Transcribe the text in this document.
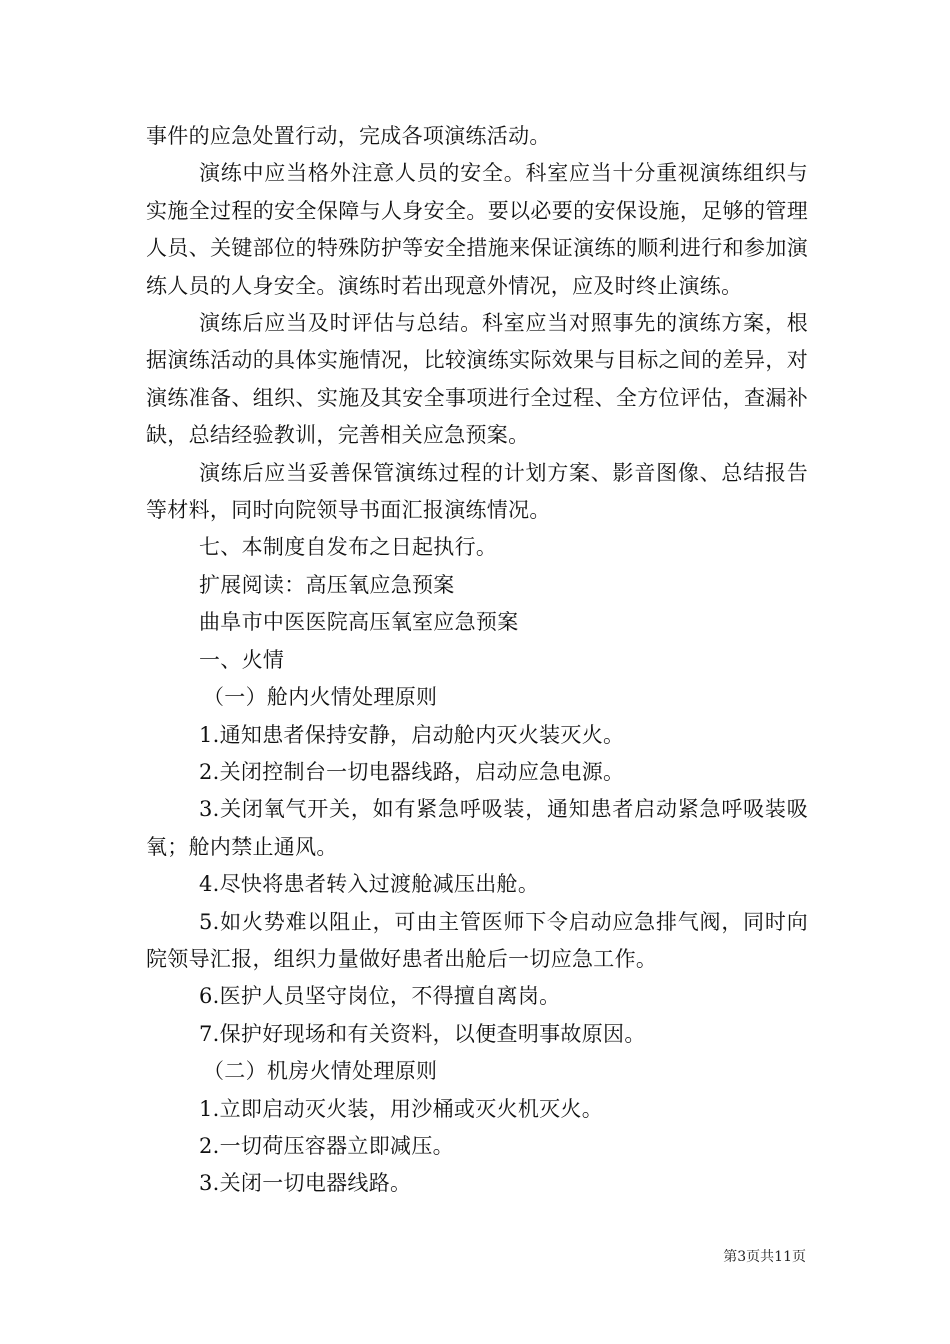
事件的应急处置行动，完成各项演练活动。

演练中应当格外注意人员的安全。科室应当十分重视演练组织与实施全过程的安全保障与人身安全。要以必要的安保设施，足够的管理人员、关键部位的特殊防护等安全措施来保证演练的顺利进行和参加演练人员的人身安全。演练时若出现意外情况，应及时终止演练。

演练后应当及时评估与总结。科室应当对照事先的演练方案，根据演练活动的具体实施情况，比较演练实际效果与目标之间的差异，对演练准备、组织、实施及其安全事项进行全过程、全方位评估，查漏补缺，总结经验教训，完善相关应急预案。

演练后应当妥善保管演练过程的计划方案、影音图像、总结报告等材料，同时向院领导书面汇报演练情况。

七、本制度自发布之日起执行。

扩展阅读：高压氧应急预案

曲阜市中医医院高压氧室应急预案

一、火情

（一）舱内火情处理原则

1.通知患者保持安静，启动舱内灭火装灭火。

2.关闭控制台一切电器线路，启动应急电源。

3.关闭氧气开关，如有紧急呼吸装，通知患者启动紧急呼吸装吸氧；舱内禁止通风。

4.尽快将患者转入过渡舱减压出舱。

5.如火势难以阻止，可由主管医师下令启动应急排气阀，同时向院领导汇报，组织力量做好患者出舱后一切应急工作。

6.医护人员坚守岗位，不得擅自离岗。

7.保护好现场和有关资料，以便查明事故原因。

（二）机房火情处理原则

1.立即启动灭火装，用沙桶或灭火机灭火。

2.一切荷压容器立即减压。

3.关闭一切电器线路。

第3页共11页
